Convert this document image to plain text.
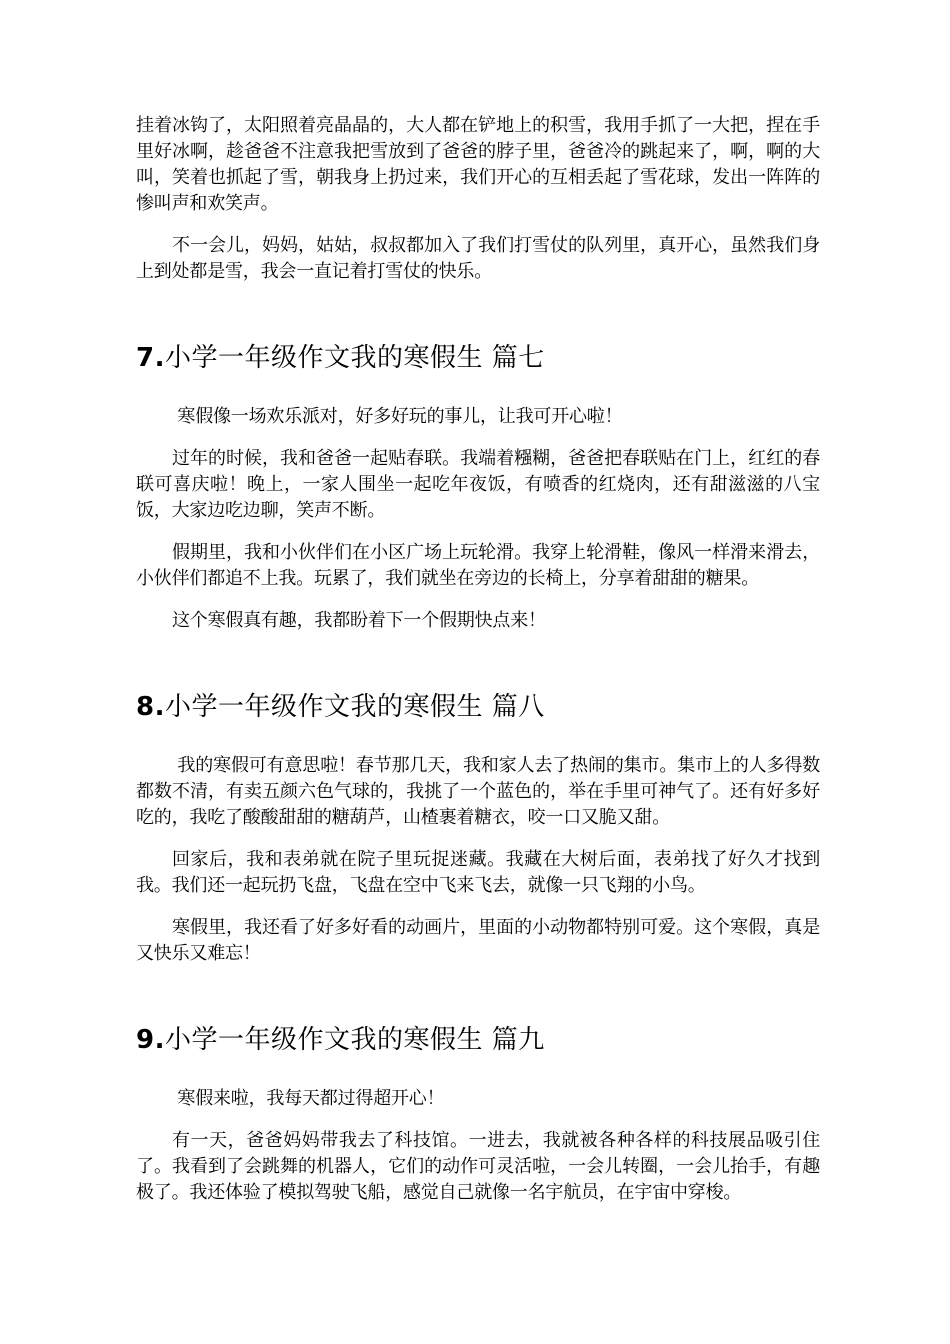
挂着冰钩了，太阳照着亮晶晶的，大人都在铲地上的积雪，我用手抓了一大把，捏在手里好冰啊，趁爸爸不注意我把雪放到了爸爸的脖子里，爸爸冷的跳起来了，啊，啊的大叫，笑着也抓起了雪，朝我身上扔过来，我们开心的互相丢起了雪花球，发出一阵阵的惨叫声和欢笑声。

不一会儿，妈妈，姑姑，叔叔都加入了我们打雪仗的队列里，真开心，虽然我们身上到处都是雪，我会一直记着打雪仗的快乐。

7.小学一年级作文我的寒假生 篇七

寒假像一场欢乐派对，好多好玩的事儿，让我可开心啦！

过年的时候，我和爸爸一起贴春联。我端着糨糊，爸爸把春联贴在门上，红红的春联可喜庆啦！晚上，一家人围坐一起吃年夜饭，有喷香的红烧肉，还有甜滋滋的八宝饭，大家边吃边聊，笑声不断。

假期里，我和小伙伴们在小区广场上玩轮滑。我穿上轮滑鞋，像风一样滑来滑去，小伙伴们都追不上我。玩累了，我们就坐在旁边的长椅上，分享着甜甜的糖果。

这个寒假真有趣，我都盼着下一个假期快点来！

8.小学一年级作文我的寒假生 篇八

我的寒假可有意思啦！春节那几天，我和家人去了热闹的集市。集市上的人多得数都数不清，有卖五颜六色气球的，我挑了一个蓝色的，举在手里可神气了。还有好多好吃的，我吃了酸酸甜甜的糖葫芦，山楂裹着糖衣，咬一口又脆又甜。

回家后，我和表弟就在院子里玩捉迷藏。我藏在大树后面，表弟找了好久才找到我。我们还一起玩扔飞盘，飞盘在空中飞来飞去，就像一只飞翔的小鸟。

寒假里，我还看了好多好看的动画片，里面的小动物都特别可爱。这个寒假，真是又快乐又难忘！

9.小学一年级作文我的寒假生 篇九

寒假来啦，我每天都过得超开心！

有一天，爸爸妈妈带我去了科技馆。一进去，我就被各种各样的科技展品吸引住了。我看到了会跳舞的机器人，它们的动作可灵活啦，一会儿转圈，一会儿抬手，有趣极了。我还体验了模拟驾驶飞船，感觉自己就像一名宇航员，在宇宙中穿梭。
